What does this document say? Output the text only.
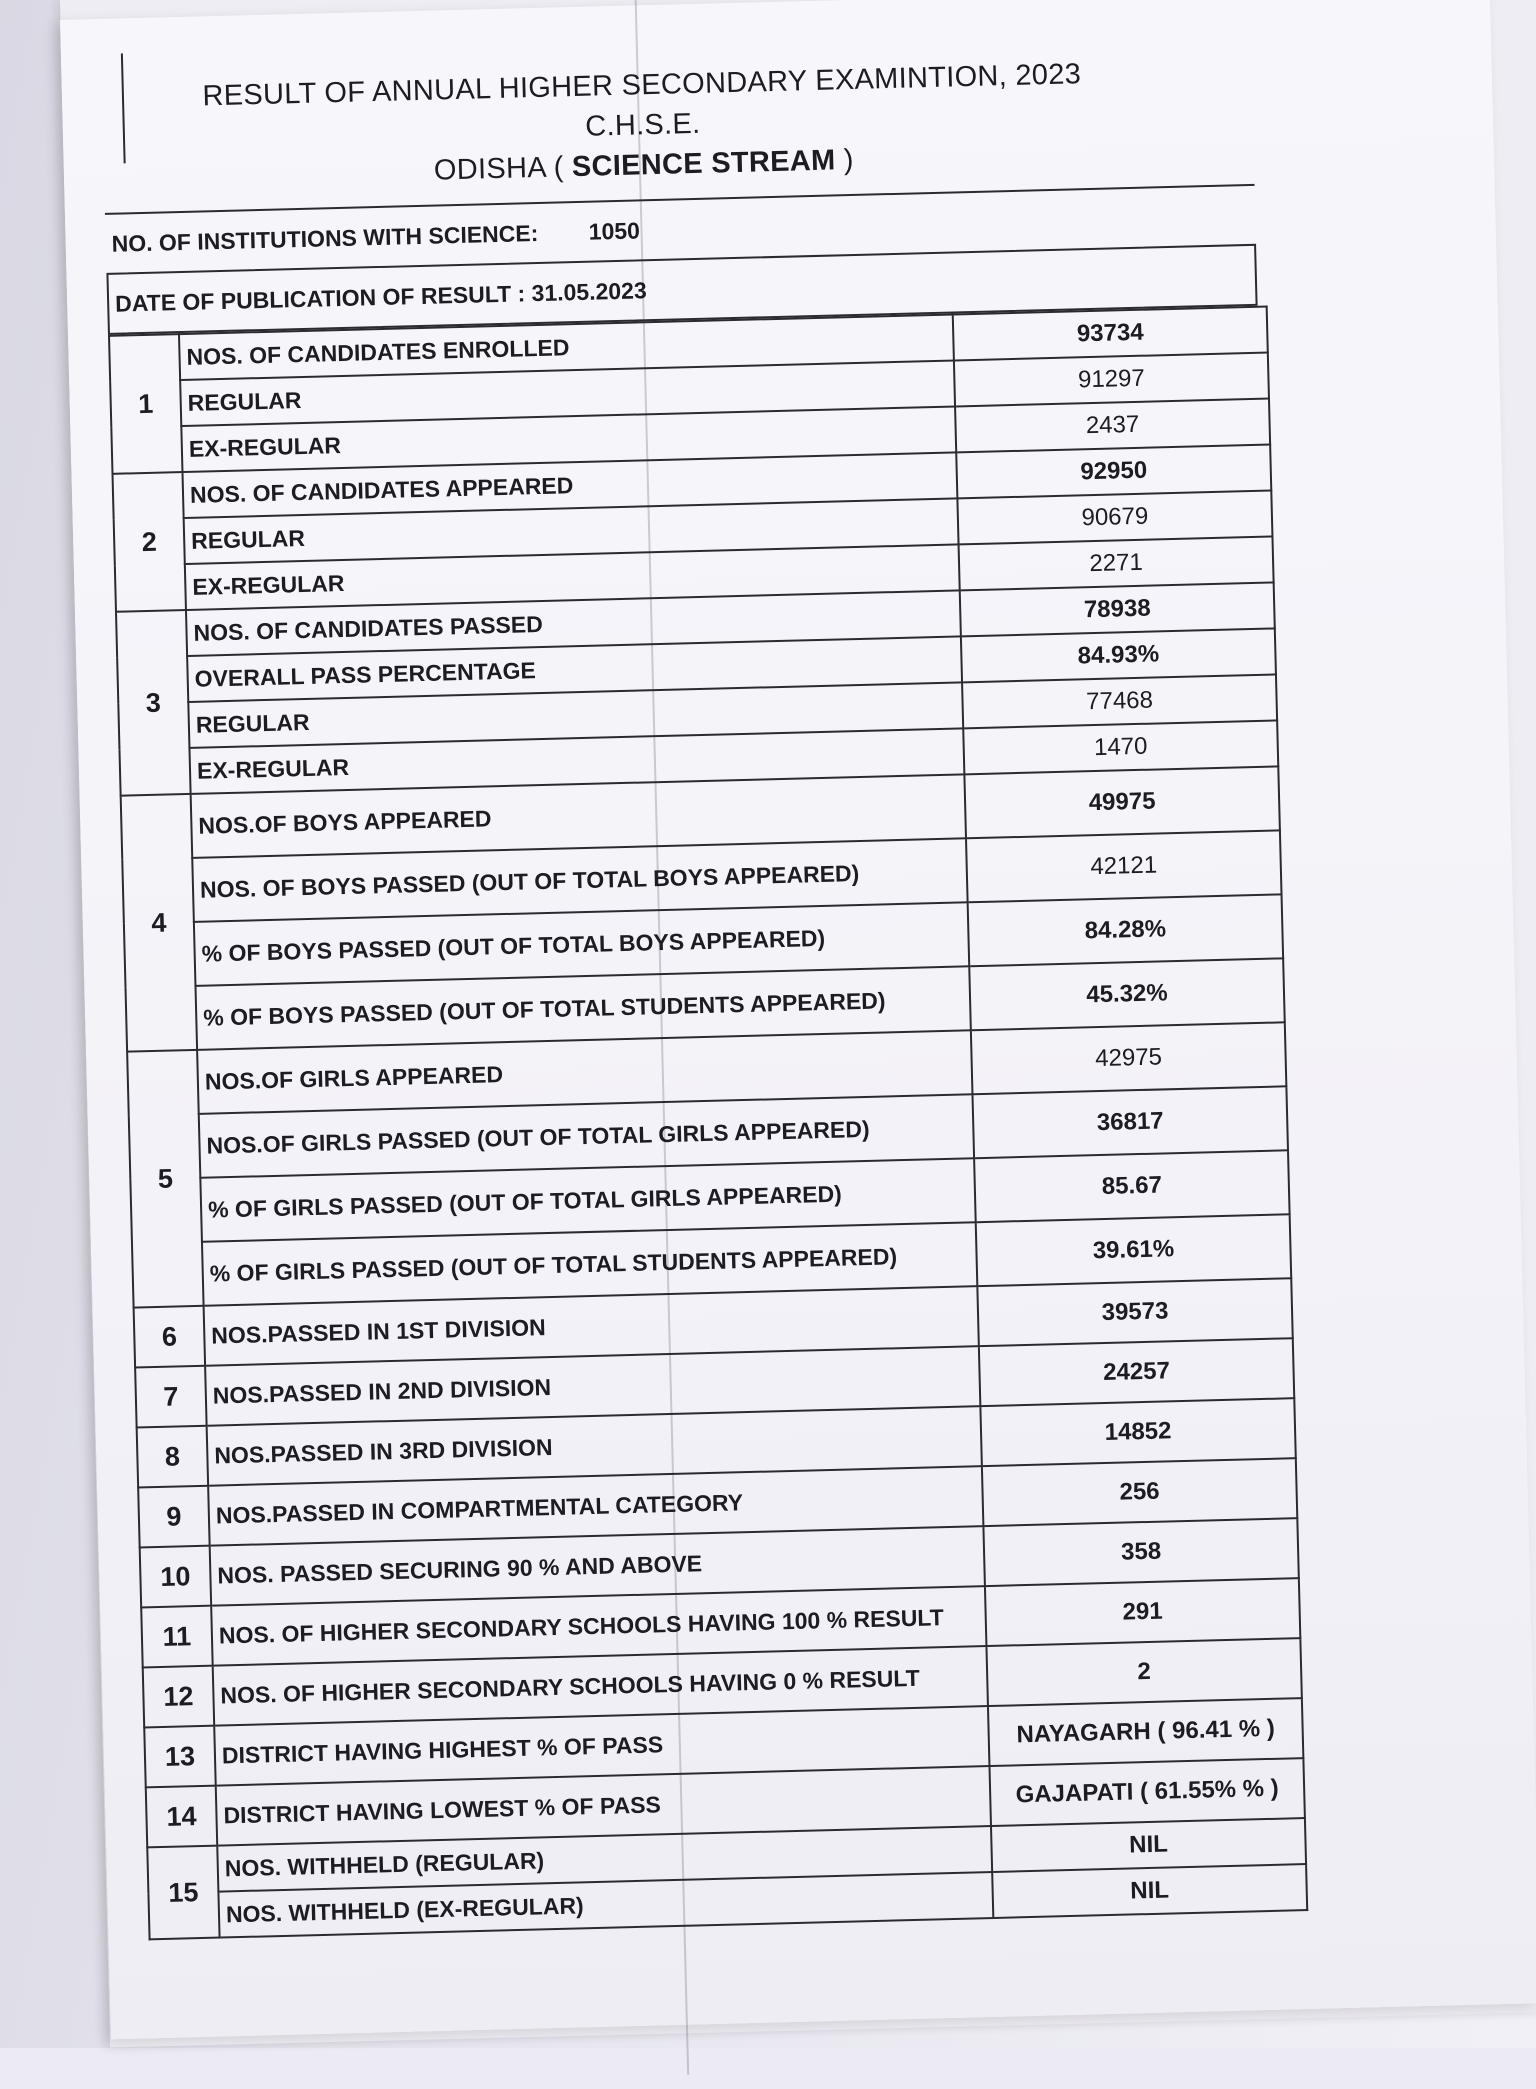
RESULT OF ANNUAL HIGHER SECONDARY EXAMINTION, 2023 C.H.S.E.
ODISHA ( SCIENCE STREAM )
NO. OF INSTITUTIONS WITH SCIENCE: 1050
DATE OF PUBLICATION OF RESULT : 31.05.2023
1	NOS. OF CANDIDATES ENROLLED	93734
	REGULAR	91297
	EX-REGULAR	2437
2	NOS. OF CANDIDATES APPEARED	92950
	REGULAR	90679
	EX-REGULAR	2271
3	NOS. OF CANDIDATES PASSED	78938
	OVERALL PASS PERCENTAGE	84.93%
	REGULAR	77468
	EX-REGULAR	1470
4	NOS.OF BOYS APPEARED	49975
	NOS. OF BOYS PASSED (OUT OF TOTAL BOYS APPEARED)	42121
	% OF BOYS PASSED (OUT OF TOTAL BOYS APPEARED)	84.28%
	% OF BOYS PASSED (OUT OF TOTAL STUDENTS APPEARED)	45.32%
5	NOS.OF GIRLS APPEARED	42975
	NOS.OF GIRLS PASSED (OUT OF TOTAL GIRLS APPEARED)	36817
	% OF GIRLS PASSED (OUT OF TOTAL GIRLS APPEARED)	85.67
	% OF GIRLS PASSED (OUT OF TOTAL STUDENTS APPEARED)	39.61%
6	NOS.PASSED IN 1ST DIVISION	39573
7	NOS.PASSED IN 2ND DIVISION	24257
8	NOS.PASSED IN 3RD DIVISION	14852
9	NOS.PASSED IN COMPARTMENTAL CATEGORY	256
10	NOS. PASSED SECURING 90 % AND ABOVE	358
11	NOS. OF HIGHER SECONDARY SCHOOLS HAVING 100 % RESULT	291
12	NOS. OF HIGHER SECONDARY SCHOOLS HAVING 0 % RESULT	2
13	DISTRICT HAVING HIGHEST % OF PASS	NAYAGARH ( 96.41 % )
14	DISTRICT HAVING LOWEST % OF PASS	GAJAPATI ( 61.55% % )
15	NOS. WITHHELD (REGULAR)	NIL
	NOS. WITHHELD (EX-REGULAR)	NIL
